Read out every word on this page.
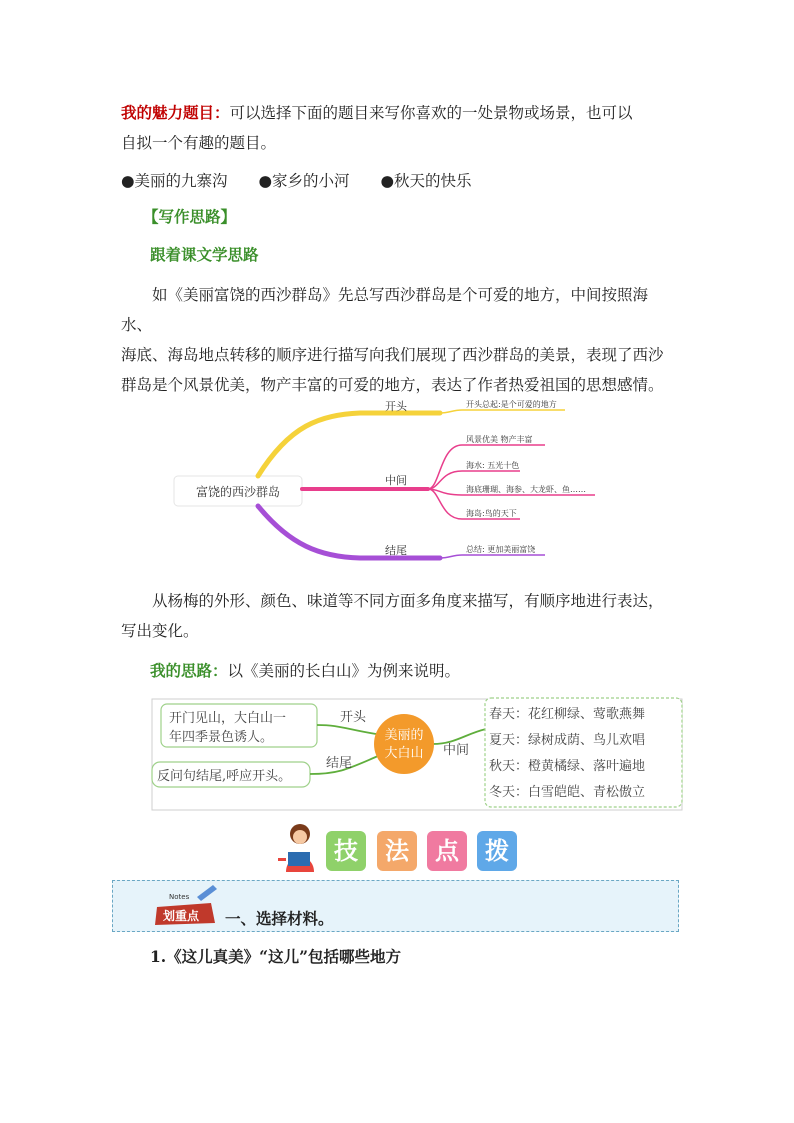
我的魅力题目：可以选择下面的题目来写你喜欢的一处景物或场景，也可以
自拟一个有趣的题目。
●美丽的九寨沟 ●家乡的小河 ●秋天的快乐
【写作思路】
跟着课文学思路
如《美丽富饶的西沙群岛》先总写西沙群岛是个可爱的地方，中间按照海水、
海底、海岛地点转移的顺序进行描写向我们展现了西沙群岛的美景，表现了西沙
群岛是个风景优美，物产丰富的可爱的地方，表达了作者热爱祖国的思想感情。
富饶的西沙群岛
开头
中间
结尾
开头总起:是个可爱的地方
风景优美 物产丰富
海水: 五光十色
海底珊瑚、海参、大龙虾、鱼……
海岛:鸟的天下
总结: 更加美丽富饶
从杨梅的外形、颜色、味道等不同方面多角度来描写，有顺序地进行表达，
写出变化。
我的思路：以《美丽的长白山》为例来说明。
开门见山，大白山一
年四季景色诱人。
反问句结尾,呼应开头。
开头
结尾
中间
美丽的
大白山
春天：花红柳绿、莺歌燕舞
夏天：绿树成荫、鸟儿欢唱
秋天：橙黄橘绿、落叶遍地
冬天：白雪皑皑、青松傲立
技	法	点	拨
Notes
划重点 一、选择材料。
1.《这儿真美》“这儿”包括哪些地方
